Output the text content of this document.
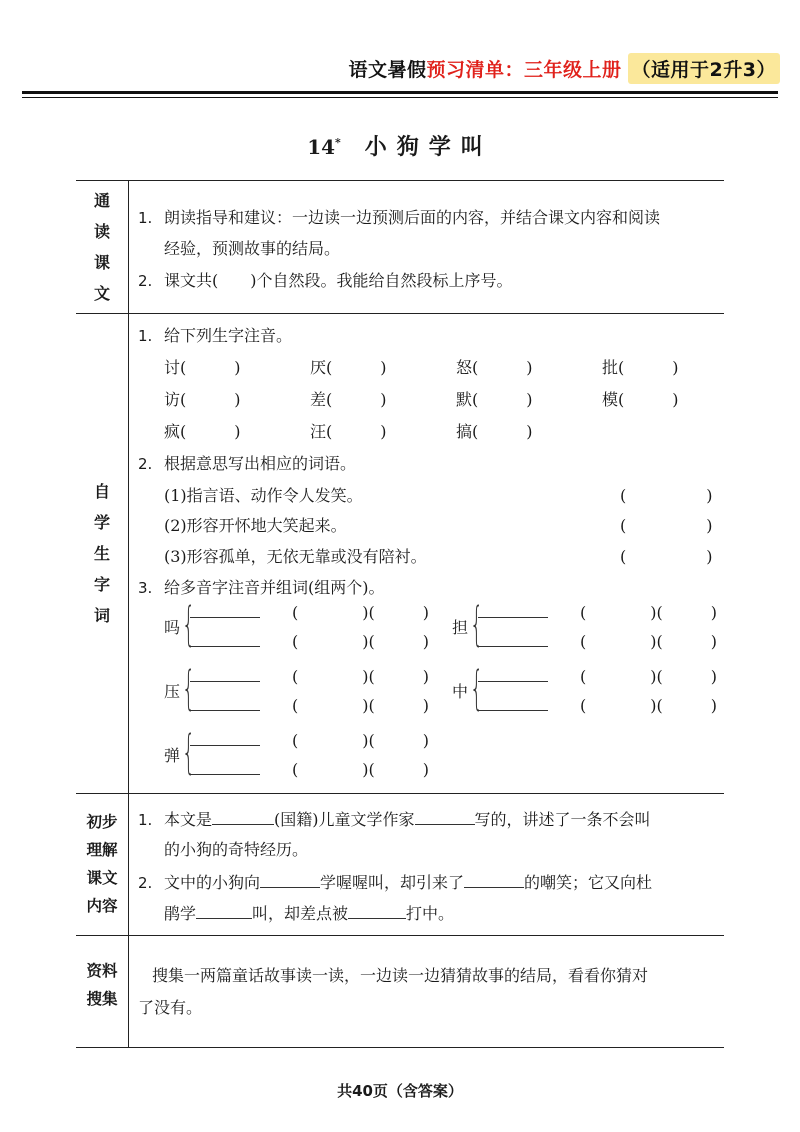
语文暑假 预习清单：三年级上册 （适用于2升3）
14* 小狗学叫
通
读
课
文
1. 朗读指导和建议：一边读一边预测后面的内容，并结合课文内容和阅读
经验，预测故事的结局。
2. 课文共(　　)个自然段。我能给自然段标上序号。
自
学
生
字
词
1. 给下列生字注音。
讨(　　　)	厌(　　　)	怒(　　　)	批(　　　)
访(　　　)	差(　　　)	默(　　　)	模(　　　)
疯(　　　)	汪(　　　)	搞(　　　)
2. 根据意思写出相应的词语。
(1)指言语、动作令人发笑。	(　　　　　)
(2)形容开怀地大笑起来。	(　　　　　)
(3)形容孤单，无依无靠或没有陪衬。	(　　　　　)
3. 给多音字注音并组词(组两个)。
吗 {	　　(　　　　)(　　　)
　　(　　　　)(　　　)
担 {	　　(　　　　)(　　　)
　　(　　　　)(　　　)
压 {	　　(　　　　)(　　　)
　　(　　　　)(　　　)
中 {	　　(　　　　)(　　　)
　　(　　　　)(　　　)
弹 {	　　(　　　　)(　　　)
　　(　　　　)(　　　)
初步
理解
课文
内容
1. 本文是	(国籍)儿童文学作家	写的，讲述了一条不会叫
的小狗的奇特经历。
2. 文中的小狗向	学喔喔叫，却引来了	的嘲笑；它又向杜
鹃学	叫，却差点被	打中。
资料
搜集
搜集一两篇童话故事读一读，一边读一边猜猜故事的结局，看看你猜对
了没有。
共40页（含答案）
